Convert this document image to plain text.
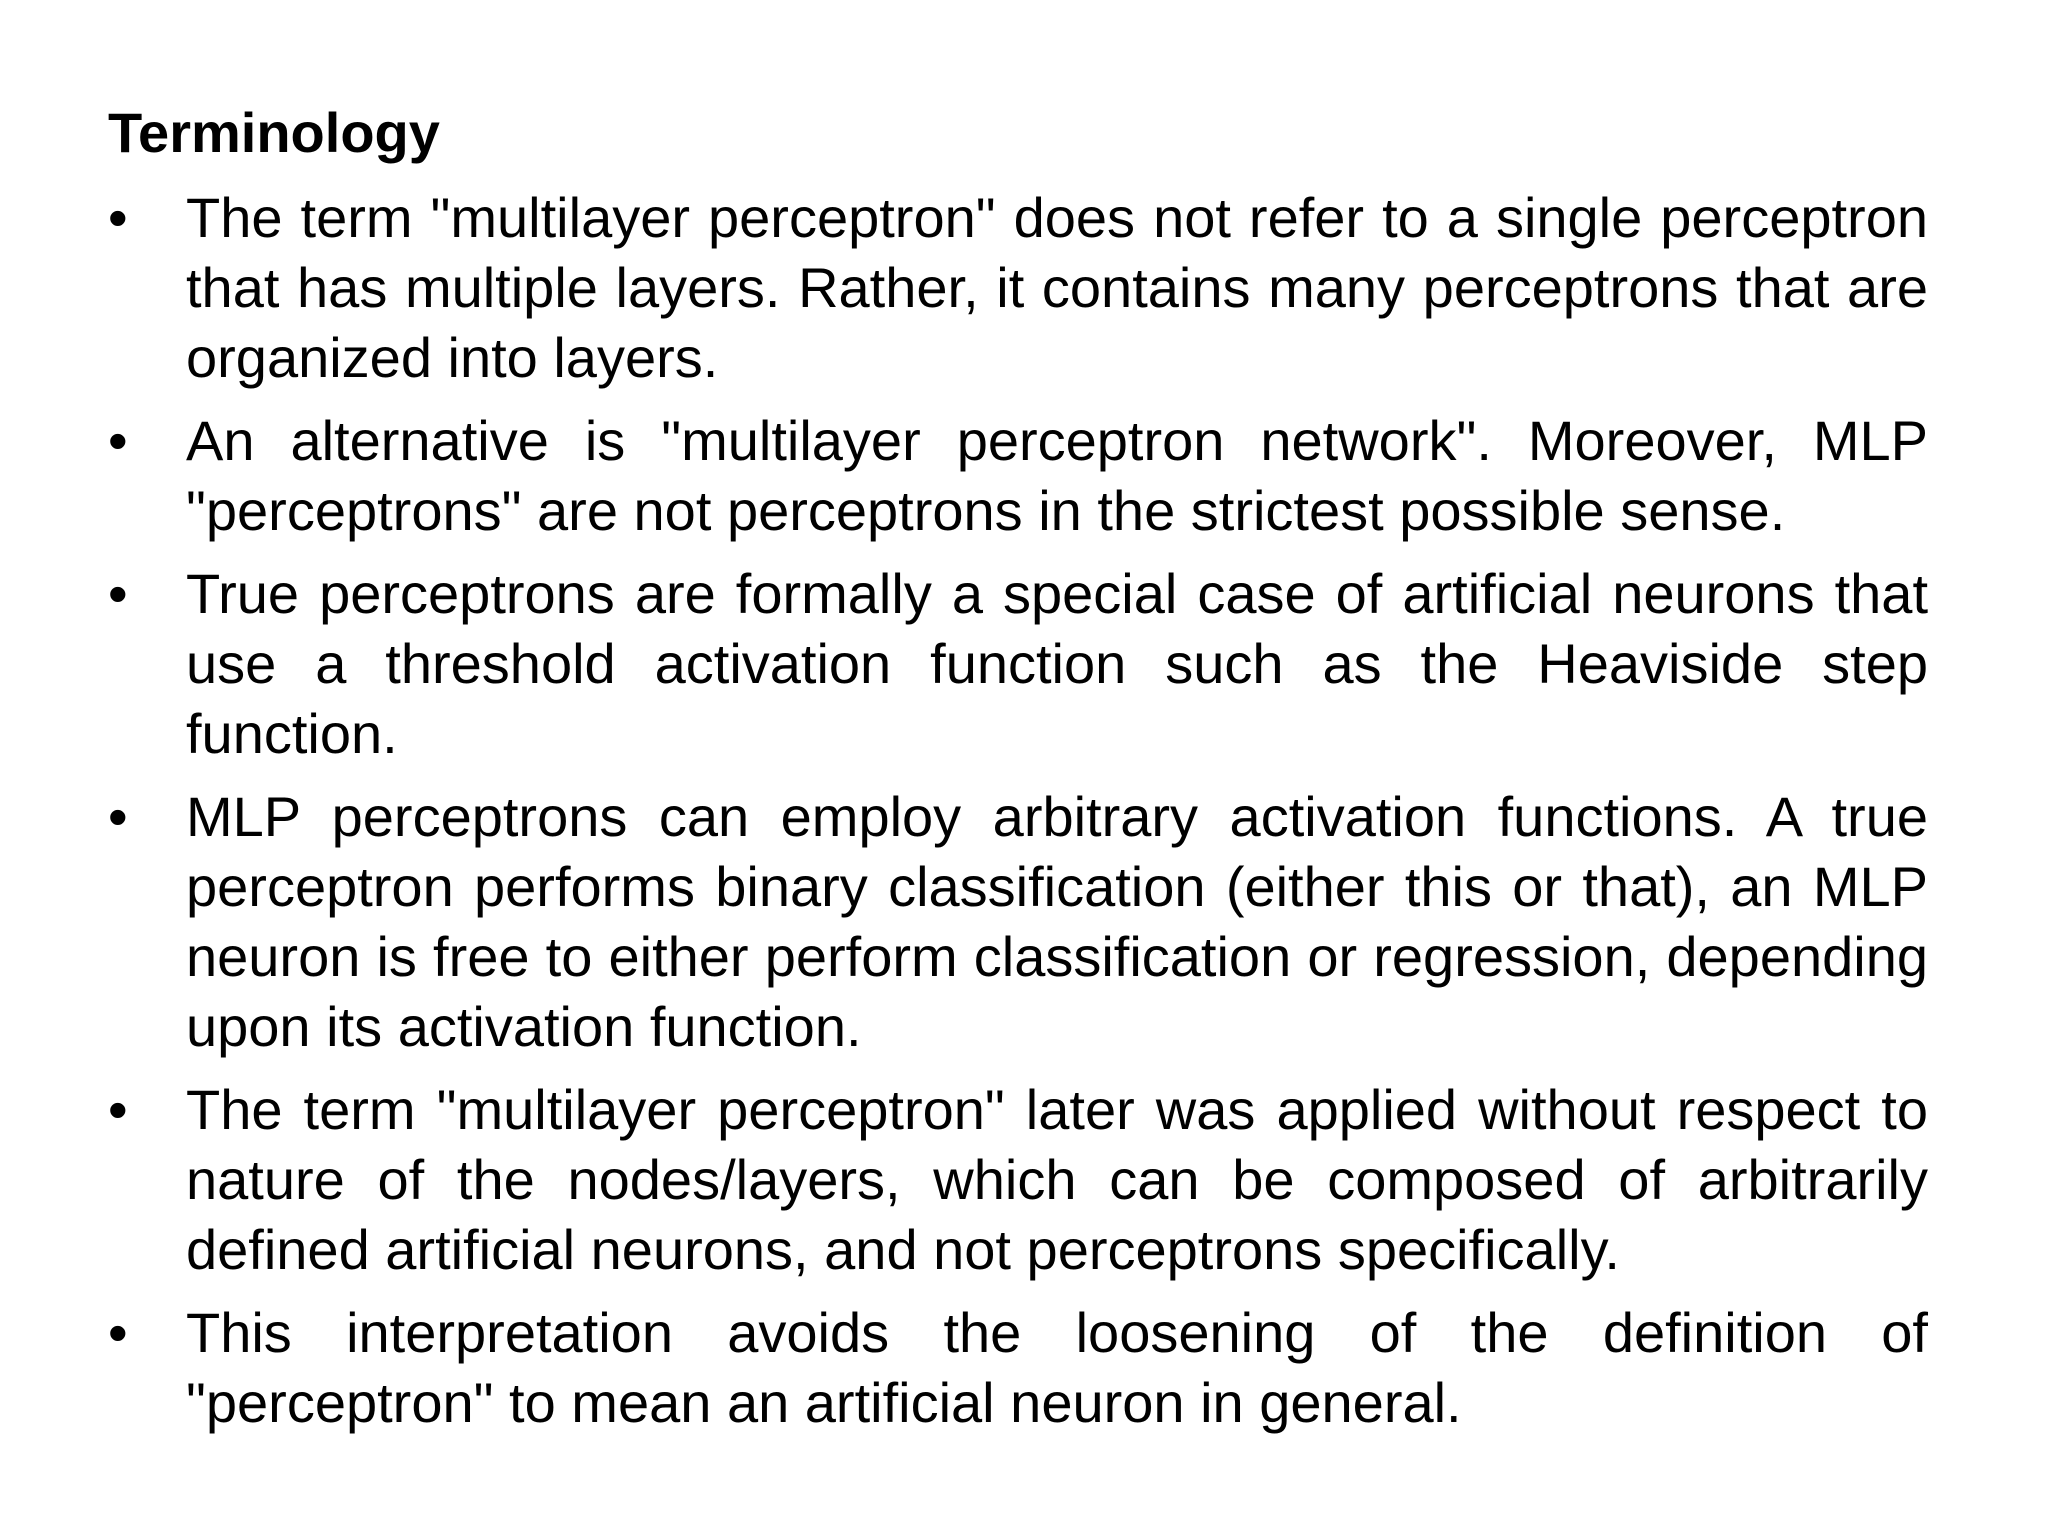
Terminology
• The term "multilayer perceptron" does not refer to a single perceptron that has multiple layers. Rather, it contains many perceptrons that are organized into layers.
• An alternative is "multilayer perceptron network". Moreover, MLP "perceptrons" are not perceptrons in the strictest possible sense.
• True perceptrons are formally a special case of artificial neurons that use a threshold activation function such as the Heaviside step function.
• MLP perceptrons can employ arbitrary activation functions. A true perceptron performs binary classification (either this or that), an MLP neuron is free to either perform classification or regression, depending upon its activation function.
• The term "multilayer perceptron" later was applied without respect to nature of the nodes/layers, which can be composed of arbitrarily defined artificial neurons, and not perceptrons specifically.
• This interpretation avoids the loosening of the definition of "perceptron" to mean an artificial neuron in general.
